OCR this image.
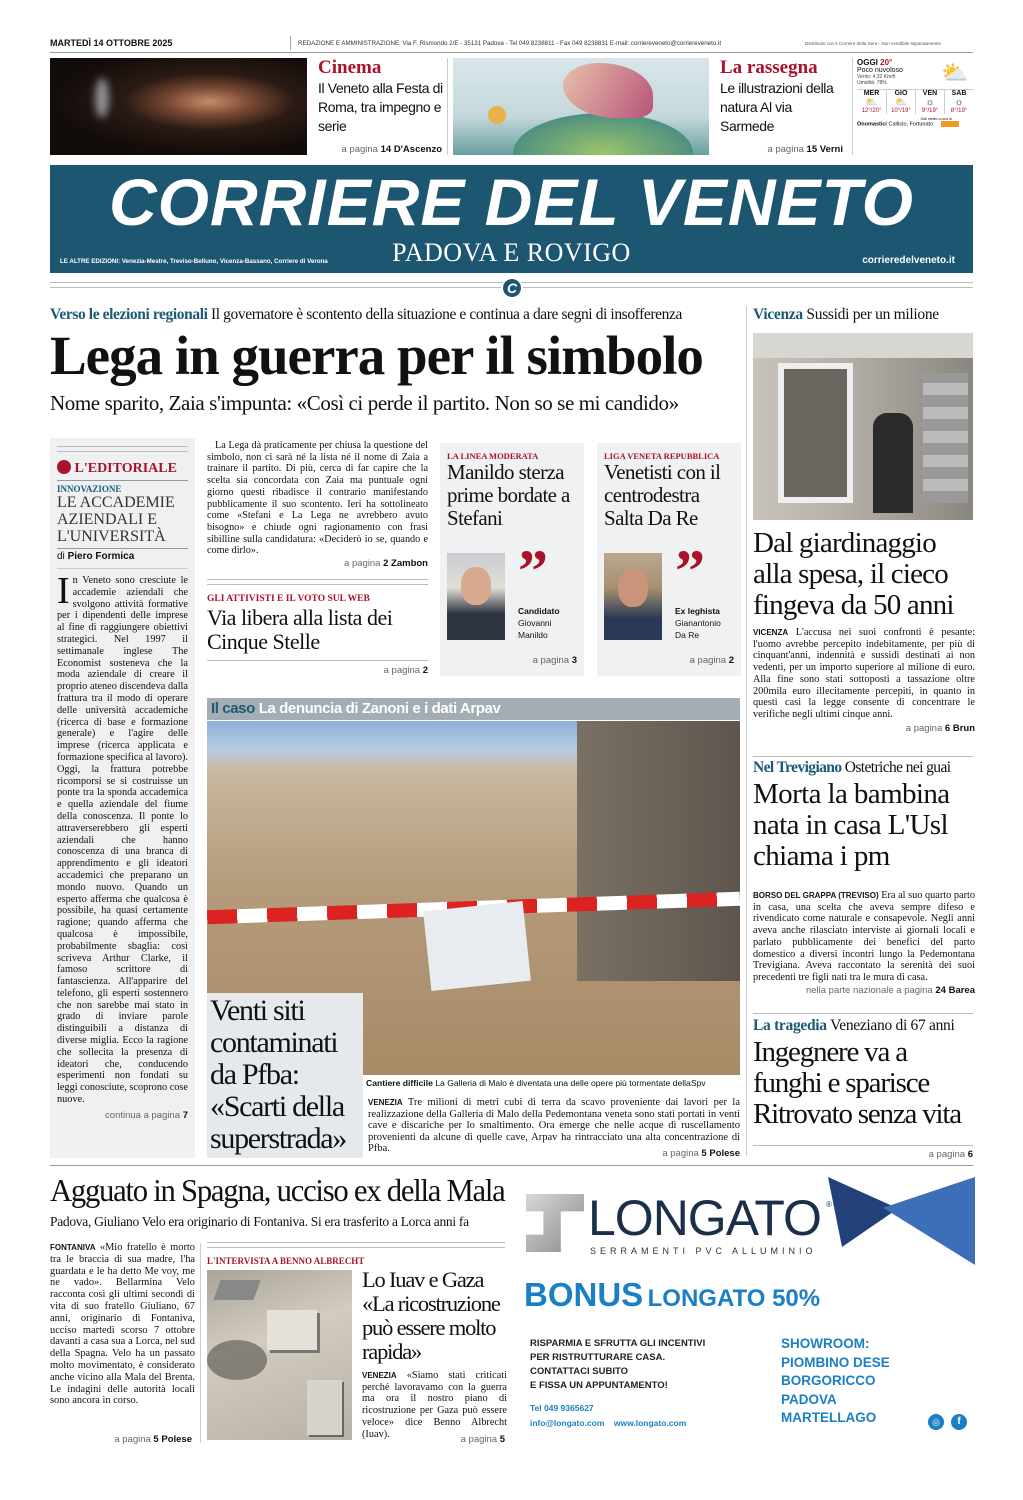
MARTEDÌ 14 OTTOBRE 2025	REDAZIONE E AMMINISTRAZIONE: Via F. Rismondo 2/E - 35131 Padova - Tel 049 8238811 - Fax 049 8238831 E-mail: corriereveneto@corriereveneto.it	Distribuito con il Corriere della Sera - Non vendibile separatamente
Cinema
Il Veneto alla Festa di Roma, tra impegno e serie
a pagina 14 D'Ascenzo
La rassegna
Le illustrazioni della natura Al via Sarmede
a pagina 15 Verni
OGGI 20°
Poco nuvoloso
Vento: 4,32 Km/h
Umidità: 78%	⛅
MER
⛅
12°/20°
GIO
⛅
10°/19°
VEN
☼
9°/19°
SAB
☼
8°/19°
Dati meteo a cura di
Onomastici Callisto, Fortunato
CORRIERE DEL VENETO
PADOVA E ROVIGO
LE ALTRE EDIZIONI: Venezia-Mestre, Treviso-Belluno, Vicenza-Bassano, Corriere di Verona	corrieredelveneto.it
C
Verso le elezioni regionali Il governatore è scontento della situazione e continua a dare segni di insofferenza
Lega in guerra per il simbolo
Nome sparito, Zaia s'impunta: «Così ci perde il partito. Non so se mi candido»
L'EDITORIALE
INNOVAZIONE
LE ACCADEMIE AZIENDALI E L'UNIVERSITÀ
di Piero Formica
In Veneto sono cresciute le accademie aziendali che svolgono attività formative per i dipendenti delle imprese al fine di raggiungere obiettivi strategici. Nel 1997 il settimanale inglese The Economist sosteneva che la moda aziendale di creare il proprio ateneo discendeva dalla frattura tra il modo di operare delle università accademiche (ricerca di base e formazione generale) e l'agire delle imprese (ricerca applicata e formazione specifica al lavoro). Oggi, la frattura potrebbe ricomporsi se si costruisse un ponte tra la sponda accademica e quella aziendale del fiume della conoscenza. Il ponte lo attraverserebbero gli esperti aziendali che hanno conoscenza di una branca di apprendimento e gli ideatori accademici che preparano un mondo nuovo. Quando un esperto afferma che qualcosa è possibile, ha quasi certamente ragione; quando afferma che qualcosa è impossibile, probabilmente sbaglia: così scriveva Arthur Clarke, il famoso scrittore di fantascienza. All'apparire del telefono, gli esperti sostennero che non sarebbe mai stato in grado di inviare parole distinguibili a distanza di diverse miglia. Ecco la ragione che sollecita la presenza di ideatori che, conducendo esperimenti non fondati su leggi conosciute, scoprono cose nuove.
continua a pagina 7
La Lega dà praticamente per chiusa la questione del simbolo, non ci sarà né la lista né il nome di Zaia a trainare il partito. Di più, cerca di far capire che la scelta sia concordata con Zaia ma puntuale ogni giorno questi ribadisce il contrario manifestando pubblicamente il suo scontento. Ieri ha sottolineato come «Stefani e La Lega ne avrebbero avuto bisogno» e chiude ogni ragionamento con frasi sibilline sulla candidatura: «Deciderò io se, quando e come dirlo».
a pagina 2 Zambon
GLI ATTIVISTI E IL VOTO SUL WEB
Via libera alla lista dei Cinque Stelle
a pagina 2
LA LINEA MODERATA
Manildo sterza prime bordate a Stefani
”
Candidato
Giovanni Manildo
a pagina 3
LIGA VENETA REPUBBLICA
Venetisti con il centrodestra Salta Da Re
”
Ex leghista
Gianantonio Da Re
a pagina 2
Il caso La denuncia di Zanoni e i dati Arpav
Venti siti contaminati da Pfba: «Scarti della superstrada»
Cantiere difficile La Galleria di Malo è diventata una delle opere più tormentate dellaSpv
VENEZIA Tre milioni di metri cubi di terra da scavo proveniente dai lavori per la realizzazione della Galleria di Malo della Pedemontana veneta sono stati portati in venti cave e discariche per lo smaltimento. Ora emerge che nelle acque di ruscellamento provenienti da alcune di quelle cave, Arpav ha rintracciato una alta concentrazione di Pfba.	a pagina 5 Polese
Vicenza Sussidi per un milione
Dal giardinaggio alla spesa, il cieco fingeva da 50 anni
VICENZA L'accusa nei suoi confronti è pesante: l'uomo avrebbe percepito indebitamente, per più di cinquant'anni, indennità e sussidi destinati ai non vedenti, per un importo superiore al milione di euro. Alla fine sono stati sottoposti a tassazione oltre 200mila euro illecitamente percepiti, in quanto in questi casi la legge consente di concentrare le verifiche negli ultimi cinque anni.
a pagina 6 Brun
Nel Trevigiano Ostetriche nei guai
Morta la bambina nata in casa L'Usl chiama i pm
BORSO DEL GRAPPA (TREVISO) Era al suo quarto parto in casa, una scelta che aveva sempre difeso e rivendicato come naturale e consapevole. Negli anni aveva anche rilasciato interviste ai giornali locali e parlato pubblicamente dei benefici del parto domestico a diversi incontri lungo la Pedemontana Trevigiana. Aveva raccontato la serenità dei suoi precedenti tre figli nati tra le mura di casa.
nella parte nazionale a pagina 24 Barea
La tragedia Veneziano di 67 anni
Ingegnere va a funghi e sparisce Ritrovato senza vita
a pagina 6
Agguato in Spagna, ucciso ex della Mala
Padova, Giuliano Velo era originario di Fontaniva. Si era trasferito a Lorca anni fa
FONTANIVA «Mio fratello è morto tra le braccia di sua madre, l'ha guardata e le ha detto Me voy, me ne vado». Bellarmina Velo racconta così gli ultimi secondi di vita di suo fratello Giuliano, 67 anni, originario di Fontaniva, ucciso martedì scorso 7 ottobre davanti a casa sua a Lorca, nel sud della Spagna. Velo ha un passato molto movimentato, è considerato anche vicino alla Mala del Brenta. Le indagini delle autorità locali sono ancora in corso.
a pagina 5 Polese
L'INTERVISTA A BENNO ALBRECHT
Lo Iuav e Gaza «La ricostruzione può essere molto rapida»
VENEZIA «Siamo stati criticati perché lavoravamo con la guerra ma ora il nostro piano di ricostruzione per Gaza può essere veloce» dice Benno Albrecht (Iuav).	a pagina 5
LONGATO ®
SERRAMENTI PVC ALLUMINIO
BONUS LONGATO 50%
RISPARMIA E SFRUTTA GLI INCENTIVI
PER RISTRUTTURARE CASA.
CONTATTACI SUBITO
E FISSA UN APPUNTAMENTO!
Tel 049 9365627
info@longato.com www.longato.com
SHOWROOM:
PIOMBINO DESE
BORGORICCO
PADOVA
MARTELLAGO	◎	f
